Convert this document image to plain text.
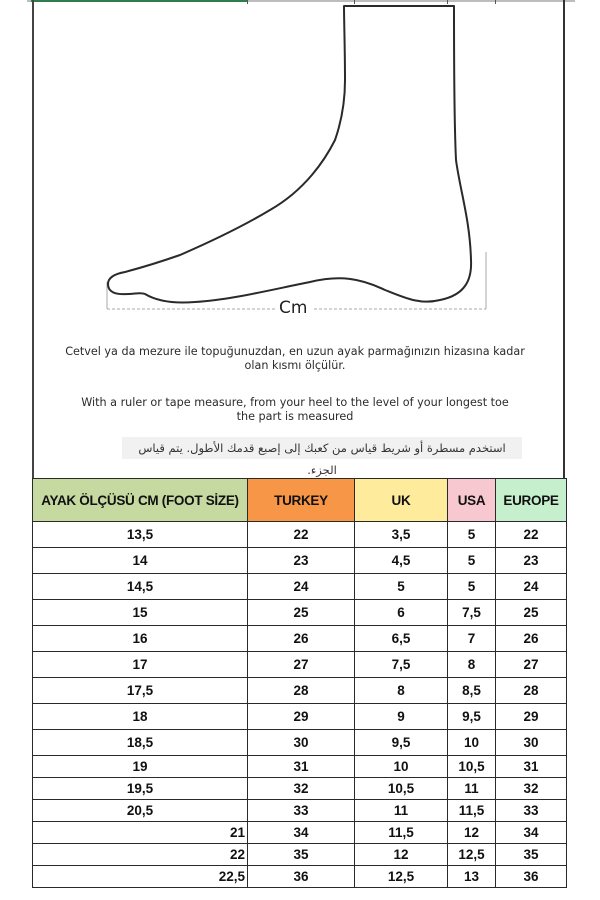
Cm
Cetvel ya da mezure ile topuğunuzdan, en uzun ayak parmağınızın hizasına kadar
olan kısmı ölçülür.
With a ruler or tape measure, from your heel to the level of your longest toe
the part is measured
استخدم مسطرة أو شريط قياس من كعبك إلى إصبع قدمك الأطول. يتم قياس الجزء.
AYAK ÖLÇÜSÜ CM (FOOT SİZE)	TURKEY	UK	USA	EUROPE
13,5	22	3,5	5	22
14	23	4,5	5	23
14,5	24	5	5	24
15	25	6	7,5	25
16	26	6,5	7	26
17	27	7,5	8	27
17,5	28	8	8,5	28
18	29	9	9,5	29
18,5	30	9,5	10	30
19	31	10	10,5	31
19,5	32	10,5	11	32
20,5	33	11	11,5	33
21	34	11,5	12	34
22	35	12	12,5	35
22,5	36	12,5	13	36
